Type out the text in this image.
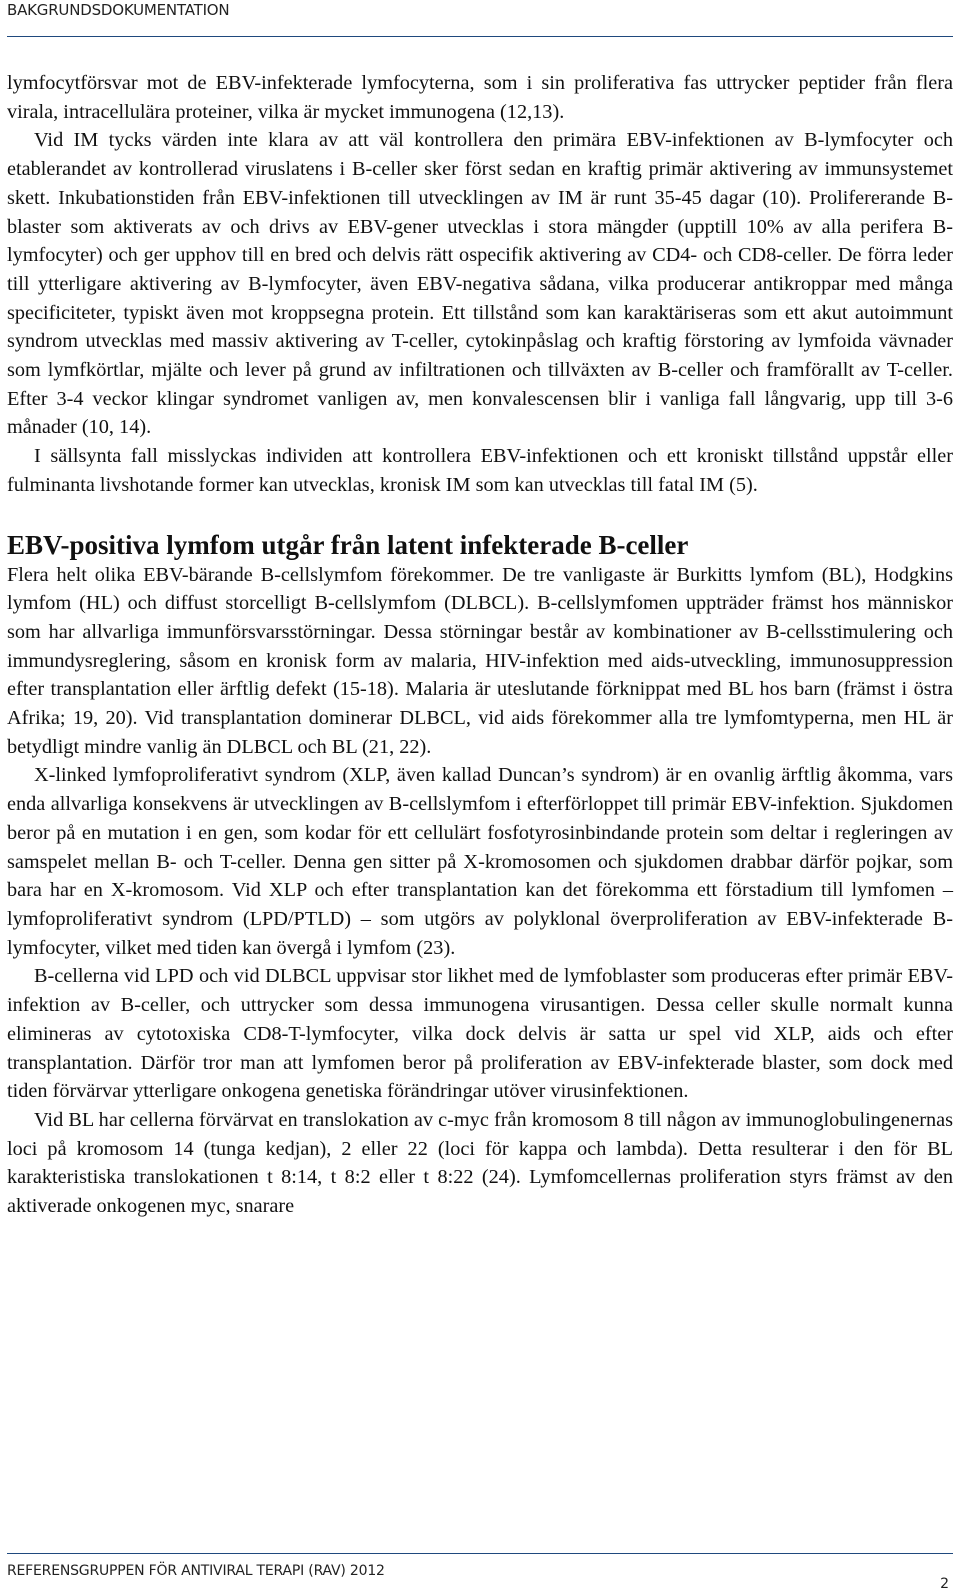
BAKGRUNDSDOKUMENTATION

lymfocytförsvar mot de EBV-infekterade lymfocyterna, som i sin proliferativa fas uttrycker peptider från flera virala, intracellulära proteiner, vilka är mycket immunogena (12,13).

Vid IM tycks värden inte klara av att väl kontrollera den primära EBV-infektionen av B-lymfocyter och etablerandet av kontrollerad viruslatens i B-celler sker först sedan en kraftig primär aktivering av immunsystemet skett. Inkubationstiden från EBV-infektionen till utvecklingen av IM är runt 35-45 dagar (10). Prolifererande B-blaster som aktiverats av och drivs av EBV-gener utvecklas i stora mängder (upptill 10% av alla perifera B-lymfocyter) och ger upphov till en bred och delvis rätt ospecifik aktivering av CD4- och CD8-celler. De förra leder till ytterligare aktivering av B-lymfocyter, även EBV-negativa sådana, vilka producerar antikroppar med många specificiteter, typiskt även mot kroppsegna protein. Ett tillstånd som kan karaktäriseras som ett akut autoimmunt syndrom utvecklas med massiv aktivering av T-celler, cytokinpåslag och kraftig förstoring av lymfoida vävnader som lymfkörtlar, mjälte och lever på grund av infiltrationen och tillväxten av B-celler och framförallt av T-celler. Efter 3-4 veckor klingar syndromet vanligen av, men konvalescensen blir i vanliga fall långvarig, upp till 3-6 månader (10, 14).

I sällsynta fall misslyckas individen att kontrollera EBV-infektionen och ett kroniskt tillstånd uppstår eller fulminanta livshotande former kan utvecklas, kronisk IM som kan utvecklas till fatal IM (5).

EBV-positiva lymfom utgår från latent infekterade B-celler

Flera helt olika EBV-bärande B-cellslymfom förekommer. De tre vanligaste är Burkitts lymfom (BL), Hodgkins lymfom (HL) och diffust storcelligt B-cellslymfom (DLBCL). B-cellslymfomen uppträder främst hos människor som har allvarliga immunförsvarsstörningar. Dessa störningar består av kombinationer av B-cellsstimulering och immundysreglering, såsom en kronisk form av malaria, HIV-infektion med aids-utveckling, immunosuppression efter transplantation eller ärftlig defekt (15-18). Malaria är uteslutande förknippat med BL hos barn (främst i östra Afrika; 19, 20). Vid transplantation dominerar DLBCL, vid aids förekommer alla tre lymfomtyperna, men HL är betydligt mindre vanlig än DLBCL och BL (21, 22).

X-linked lymfoproliferativt syndrom (XLP, även kallad Duncan’s syndrom) är en ovanlig ärftlig åkomma, vars enda allvarliga konsekvens är utvecklingen av B-cellslymfom i efterförloppet till primär EBV-infektion. Sjukdomen beror på en mutation i en gen, som kodar för ett cellulärt fosfotyrosinbindande protein som deltar i regleringen av samspelet mellan B- och T-celler. Denna gen sitter på X-kromosomen och sjukdomen drabbar därför pojkar, som bara har en X-kromosom. Vid XLP och efter transplantation kan det förekomma ett förstadium till lymfomen – lymfoproliferativt syndrom (LPD/PTLD) – som utgörs av polyklonal överproliferation av EBV-infekterade B-lymfocyter, vilket med tiden kan övergå i lymfom (23).

B-cellerna vid LPD och vid DLBCL uppvisar stor likhet med de lymfoblaster som produceras efter primär EBV-infektion av B-celler, och uttrycker som dessa immunogena virusantigen. Dessa celler skulle normalt kunna elimineras av cytotoxiska CD8-T-lymfocyter, vilka dock delvis är satta ur spel vid XLP, aids och efter transplantation. Därför tror man att lymfomen beror på proliferation av EBV-infekterade blaster, som dock med tiden förvärvar ytterligare onkogena genetiska förändringar utöver virusinfektionen.

Vid BL har cellerna förvärvat en translokation av c-myc från kromosom 8 till någon av immunoglobulingenernas loci på kromosom 14 (tunga kedjan), 2 eller 22 (loci för kappa och lambda). Detta resulterar i den för BL karakteristiska translokationen t 8:14, t 8:2 eller t 8:22 (24). Lymfomcellernas proliferation styrs främst av den aktiverade onkogenen myc, snarare

REFERENSGRUPPEN FÖR ANTIVIRAL TERAPI (RAV) 2012
2
